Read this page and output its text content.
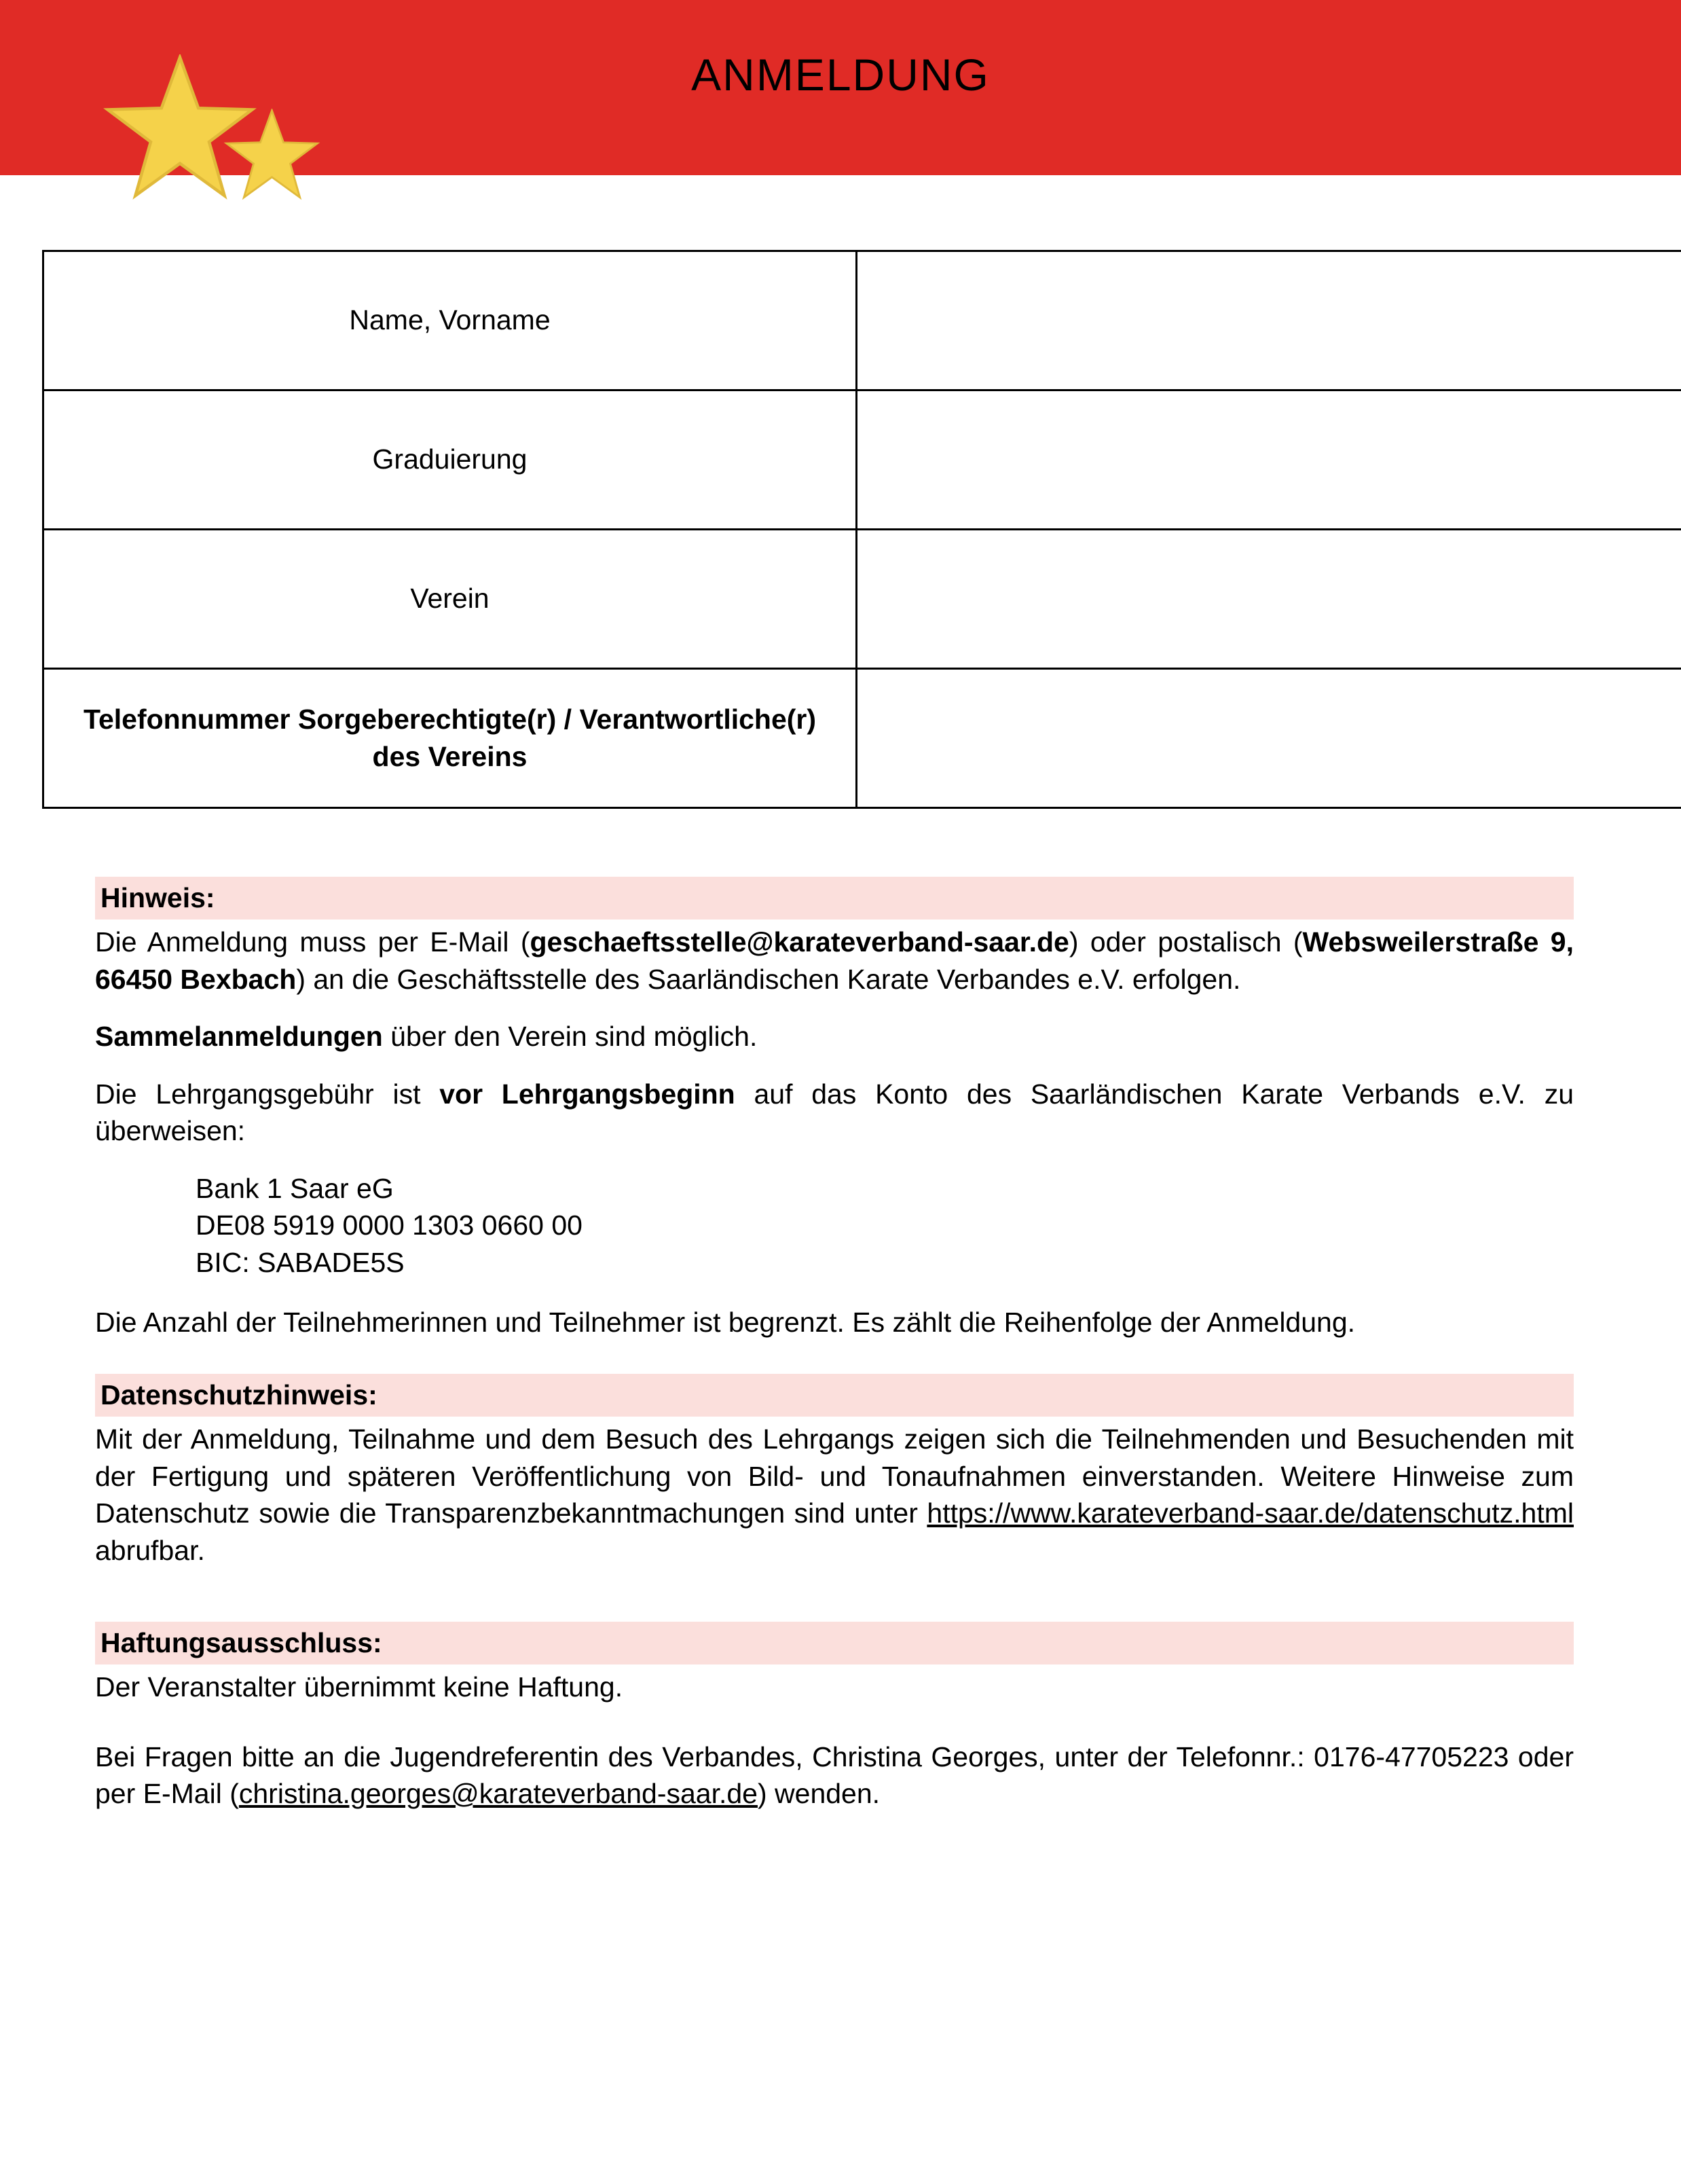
ANMELDUNG
Name, Vorname	
Graduierung	
Verein	
Telefonnummer Sorgeberechtigte(r) / Verantwortliche(r) des Vereins	
Hinweis:

Die Anmeldung muss per E-Mail (geschaeftsstelle@karateverband-saar.de) oder postalisch (Websweilerstraße 9, 66450 Bexbach) an die Geschäftsstelle des Saarländischen Karate Verbandes e.V. erfolgen.

Sammelanmeldungen über den Verein sind möglich.

Die Lehrgangsgebühr ist vor Lehrgangsbeginn auf das Konto des Saarländischen Karate Verbands e.V. zu überweisen:

Bank 1 Saar eG
DE08 5919 0000 1303 0660 00
BIC: SABADE5S

Die Anzahl der Teilnehmerinnen und Teilnehmer ist begrenzt. Es zählt die Reihenfolge der Anmeldung.

Datenschutzhinweis:

Mit der Anmeldung, Teilnahme und dem Besuch des Lehrgangs zeigen sich die Teilnehmenden und Besuchenden mit der Fertigung und späteren Veröffentlichung von Bild- und Tonaufnahmen einverstanden. Weitere Hinweise zum Datenschutz sowie die Transparenzbekanntmachungen sind unter https://www.karateverband-saar.de/datenschutz.html abrufbar.

Haftungsausschluss:

Der Veranstalter übernimmt keine Haftung.

Bei Fragen bitte an die Jugendreferentin des Verbandes, Christina Georges, unter der Telefonnr.: 0176-47705223 oder per E-Mail (christina.georges@karateverband-saar.de) wenden.
